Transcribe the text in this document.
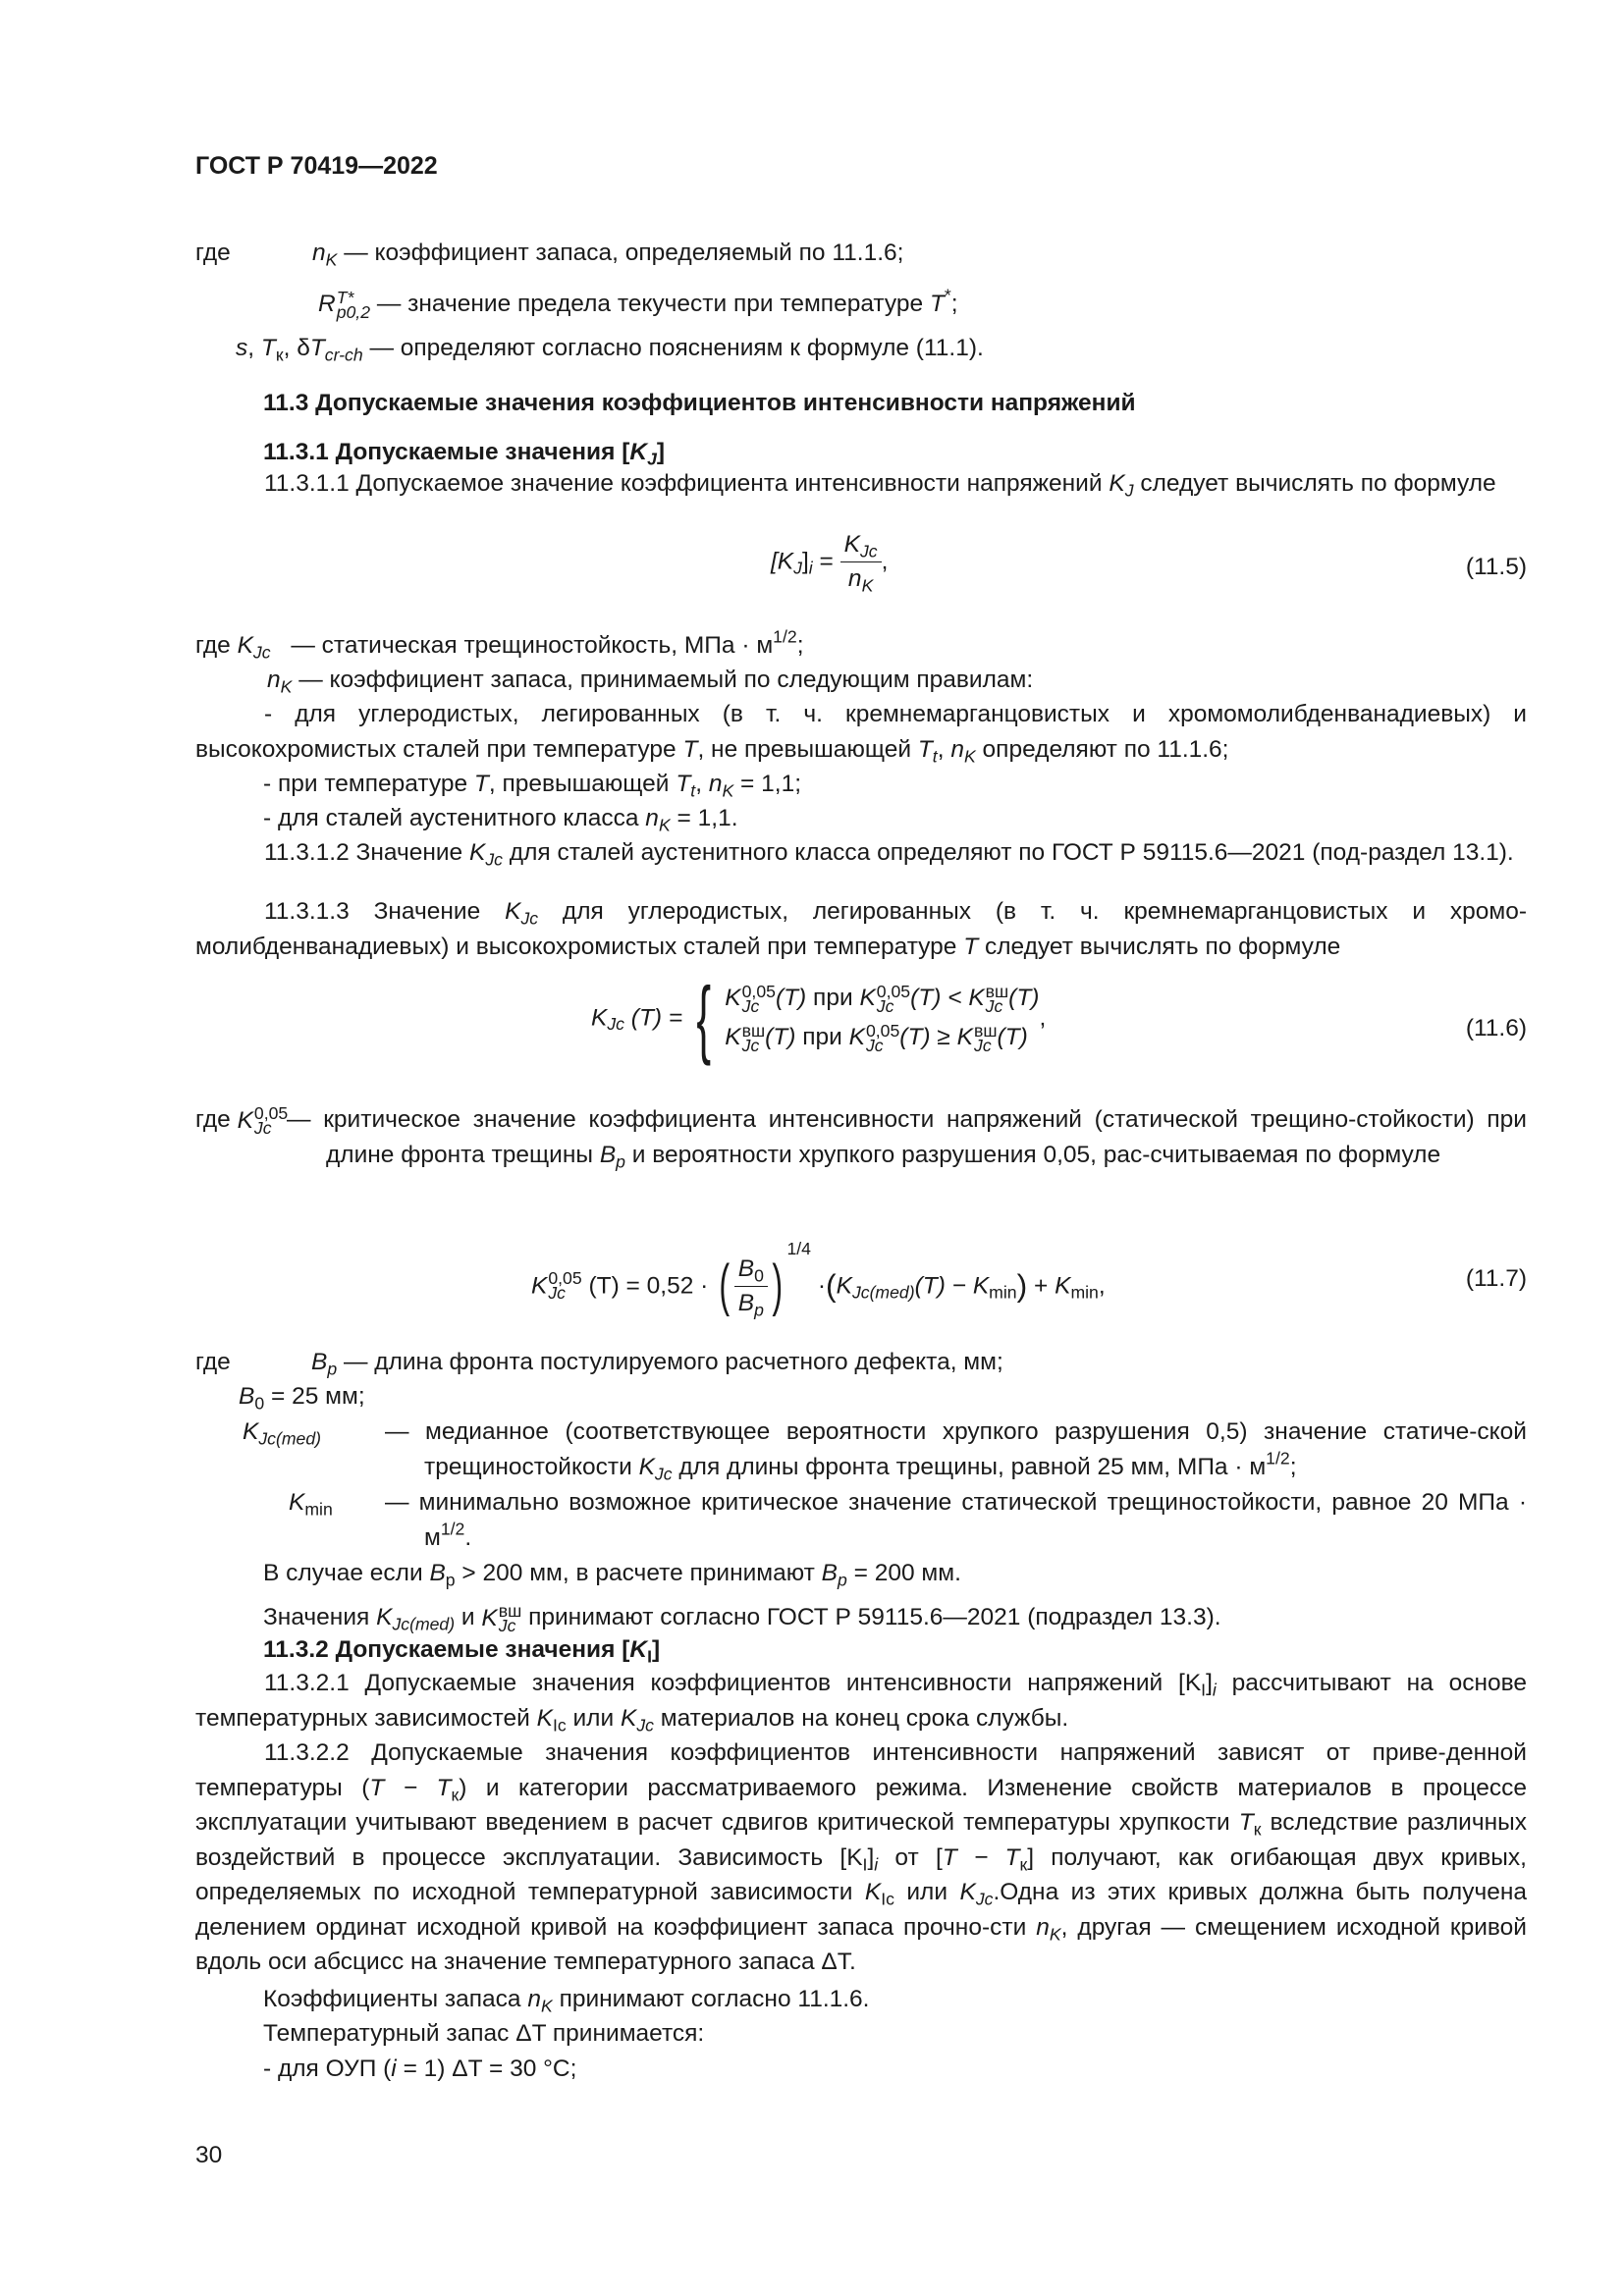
ГОСТ Р 70419—2022
где	$n_K$ — коэффициент запаса, определяемый по 11.1.6;
R T*
p0,2 — значение предела текучести при температуре T*;
s, $T_к$, $\delta T_{cr-ch}$ — определяют согласно пояснениям к формуле (11.1).
11.3 Допускаемые значения коэффициентов интенсивности напряжений
11.3.1 Допускаемые значения $[K_J]$

11.3.1.1 Допускаемое значение коэффициента интенсивности напряжений $K_J$ следует вычислять по формуле

$[K_J]_i = \frac{K_{Jc}}{n_K}$ ,	(11.5)
где $K_{Jc}$ — статическая трещиностойкость, МПа · $м^{1/2}$;
$n_K$ — коэффициент запаса, принимаемый по следующим правилам:

- для углеродистых, легированных (в т. ч. кремнемарганцовистых и хромомолибденванадиевых) и высокохромистых сталей при температуре T, не превышающей $T_t$, $n_K$ определяют по 11.1.6;

- при температуре T, превышающей $T_t$, $n_K = 1,1$;
- для сталей аустенитного класса $n_K = 1,1$.

11.3.1.2 Значение $K_{Jc}$ для сталей аустенитного класса определяют по ГОСТ Р 59115.6—2021 (под-раздел 13.1).

11.3.1.3 Значение $K_{Jc}$ для углеродистых, легированных (в т. ч. кремнемарганцовистых и хромо-молибденванадиевых) и высокохромистых сталей при температуре T следует вычислять по формуле

$K_{Jc}$ (T) = { K 0,05
Jc (T) при K 0,05
Jc (T) < K вш
Jc (T)
K вш
Jc (T) при K 0,05
Jc (T) ≥ K вш
Jc (T)
,	(11.6)
где K 0,05
Jc — критическое значение коэффициента интенсивности напряжений (статической трещино-стойкости) при длине фронта трещины $B_p$ и вероятности хрупкого разрушения 0,05, рас-считываемая по формуле

K 0,05
Jc (T) = 0,52 · ( $\frac{B_0}{B_p} )^{1/4} \cdot(K_{Jc(med)}(T) - K_{min}) + K_{min}$,	(11.7)
где	$B_p$ — длина фронта постулируемого расчетного дефекта, мм;
$B_0 = 25$ мм;
$K_{Jc(med)}$	— медианное (соответствующее вероятности хрупкого разрушения 0,5) значение статиче-ской трещиностойкости $K_{Jc}$ для длины фронта трещины, равной 25 мм, МПа · $м^{1/2}$;

$K_{min}$ — минимально возможное критическое значение статической трещиностойкости, равное 20 МПа · $м^{1/2}$.

В случае если $B_р > 200$ мм, в расчете принимают $B_p = 200$ мм.
Значения $K_{Jc(med)}$ и K вш
Jc принимают согласно ГОСТ Р 59115.6—2021 (подраздел 13.3).
11.3.2 Допускаемые значения $[K_I]$

11.3.2.1 Допускаемые значения коэффициентов интенсивности напряжений $[K_I]_i$ рассчитывают на основе температурных зависимостей $K_{Ic}$ или $K_{Jc}$ материалов на конец срока службы.

11.3.2.2 Допускаемые значения коэффициентов интенсивности напряжений зависят от приве-денной температуры $(T - T_к)$ и категории рассматриваемого режима. Изменение свойств материалов в процессе эксплуатации учитывают введением в расчет сдвигов критической температуры хрупкости $T_к$ вследствие различных воздействий в процессе эксплуатации. Зависимость $[K_I]_i$ от $[T - T_к]$ получают, как огибающая двух кривых, определяемых по исходной температурной зависимости $K_{Ic}$ или $K_{Jc}.Одна$ из этих кривых должна быть получена делением ординат исходной кривой на коэффициент запаса прочно-сти $n_K$, другая — смещением исходной кривой вдоль оси абсцисс на значение температурного запаса ΔT.

Коэффициенты запаса $n_K$ принимают согласно 11.1.6.
Температурный запас ΔT принимается:
- для ОУП (i = 1) ΔT = 30 °C;
30
